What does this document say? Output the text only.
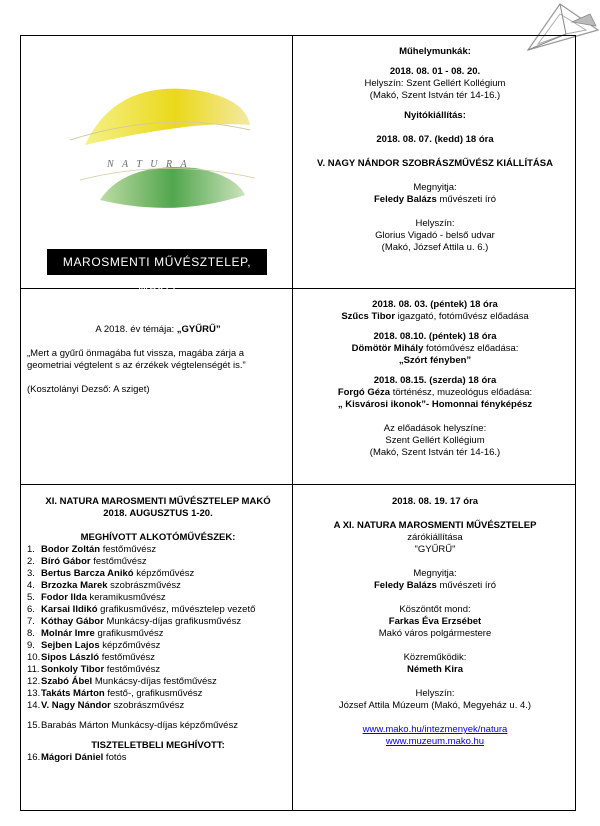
N A T U R A
MAROSMENTI MŰVÉSZTELEP, MAKÓ

Műhelymunkák:

2018. 08. 01 - 08. 20.

Helyszín: Szent Gellért Kollégium

(Makó, Szent István tér 14-16.)

Nyitókiállítás:

2018. 08. 07. (kedd) 18 óra

V. NAGY NÁNDOR SZOBRÁSZMŰVÉSZ KIÁLLÍTÁSA

Megnyitja:

Feledy Balázs művészeti író

Helyszín:

Glorius Vigadó - belső udvar

(Makó, József Attila u. 6.)

A 2018. év témája: „GYŰRŰ”

„Mert a gyűrű önmagába fut vissza, magába zárja a

geometriai végtelent s az érzékek végtelenségét is.”

(Kosztolányi Dezső: A sziget)

2018. 08. 03. (péntek) 18 óra

Szűcs Tibor igazgató, fotóművész előadása

2018. 08.10. (péntek) 18 óra

Dömötör Mihály fotóművész előadása:

„Szórt fényben”

2018. 08.15. (szerda) 18 óra

Forgó Géza történész, muzeológus előadása:

„ Kisvárosi ikonok”- Homonnai fényképész

Az előadások helyszíne:

Szent Gellért Kollégium

(Makó, Szent István tér 14-16.)

XI. NATURA MAROSMENTI MŰVÉSZTELEP MAKÓ

2018. AUGUSZTUS 1-20.

MEGHÍVOTT ALKOTÓMŰVÉSZEK:

1. Bodor Zoltán festőművész

2. Bíró Gábor festőművész

3. Bertus Barcza Anikó képzőművész

4. Brzozka Marek szobrászművész

5. Fodor Ilda keramikusművész

6. Karsai Ildikó grafikusművész, művésztelep vezető

7. Kóthay Gábor Munkácsy-díjas grafikusművész

8. Molnár Imre grafikusművész

9. Sejben Lajos képzőművész

10.Sipos László festőművész

11.Sonkoly Tibor festőművész

12.Szabó Ábel Munkácsy-díjas festőművész

13.Takáts Márton festő-, grafikusművész

14.V. Nagy Nándor szobrászművész

15.Barabás Márton Munkácsy-díjas képzőművész

TISZTELETBELI MEGHÍVOTT:

16.Mágori Dániel fotós

2018. 08. 19. 17 óra

A XI. NATURA MAROSMENTI MŰVÉSZTELEP

zárókiállítása

"GYŰRŰ"

Megnyitja:

Feledy Balázs művészeti író

Köszöntőt mond:

Farkas Éva Erzsébet

Makó város polgármestere

Közreműködik:

Németh Kira

Helyszín:

József Attila Múzeum (Makó, Megyeház u. 4.)

www.mako.hu/intezmenyek/natura

www.muzeum.mako.hu
